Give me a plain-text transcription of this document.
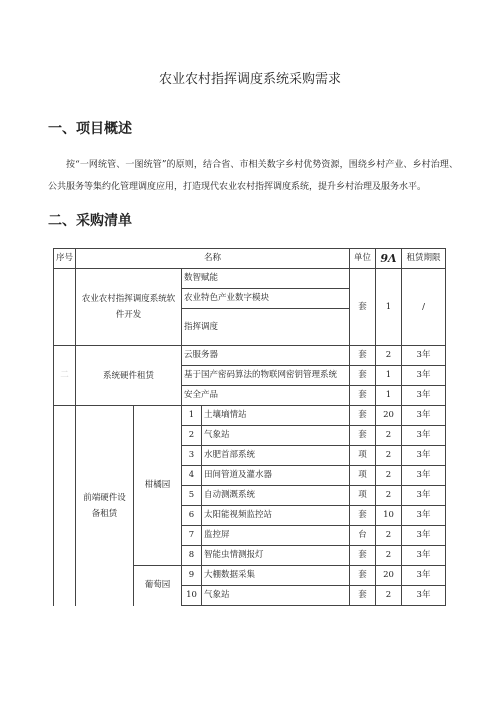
农业农村指挥调度系统采购需求
一、项目概述
按“一网统管、一图统管”的原则，结合省、市相关数字乡村优势资源，围绕乡村产业、乡村治理、公共服务等集约化管理调度应用，打造现代农业农村指挥调度系统，提升乡村治理及服务水平。
二、采购清单
序号	名称				单位	9Λ	租赁期限
	农业农村指挥调度系统软件开发		数智赋能		套	1	/
			农业特色产业数字模块				
			指挥调度				
二	系统硬件租赁		云服务器		套	2	3年
			基于国产密码算法的物联网密钥管理系统		套	1	3年
			安全产品		套	1	3年
	前端硬件设备租赁	柑橘园	1	土壤墒情站	套	20	3年
			2	气象站	套	2	3年
			3	水肥首部系统	项	2	3年
			4	田间管道及灌水器	项	2	3年
			5	自动测溉系统	项	2	3年
			6	太阳能视频监控站	套	10	3年
			7	监控屏	台	2	3年
			8	智能虫情测报灯	套	2	3年
		葡萄园	9	大棚数据采集	套	20	3年
			10	气象站	套	2	3年
